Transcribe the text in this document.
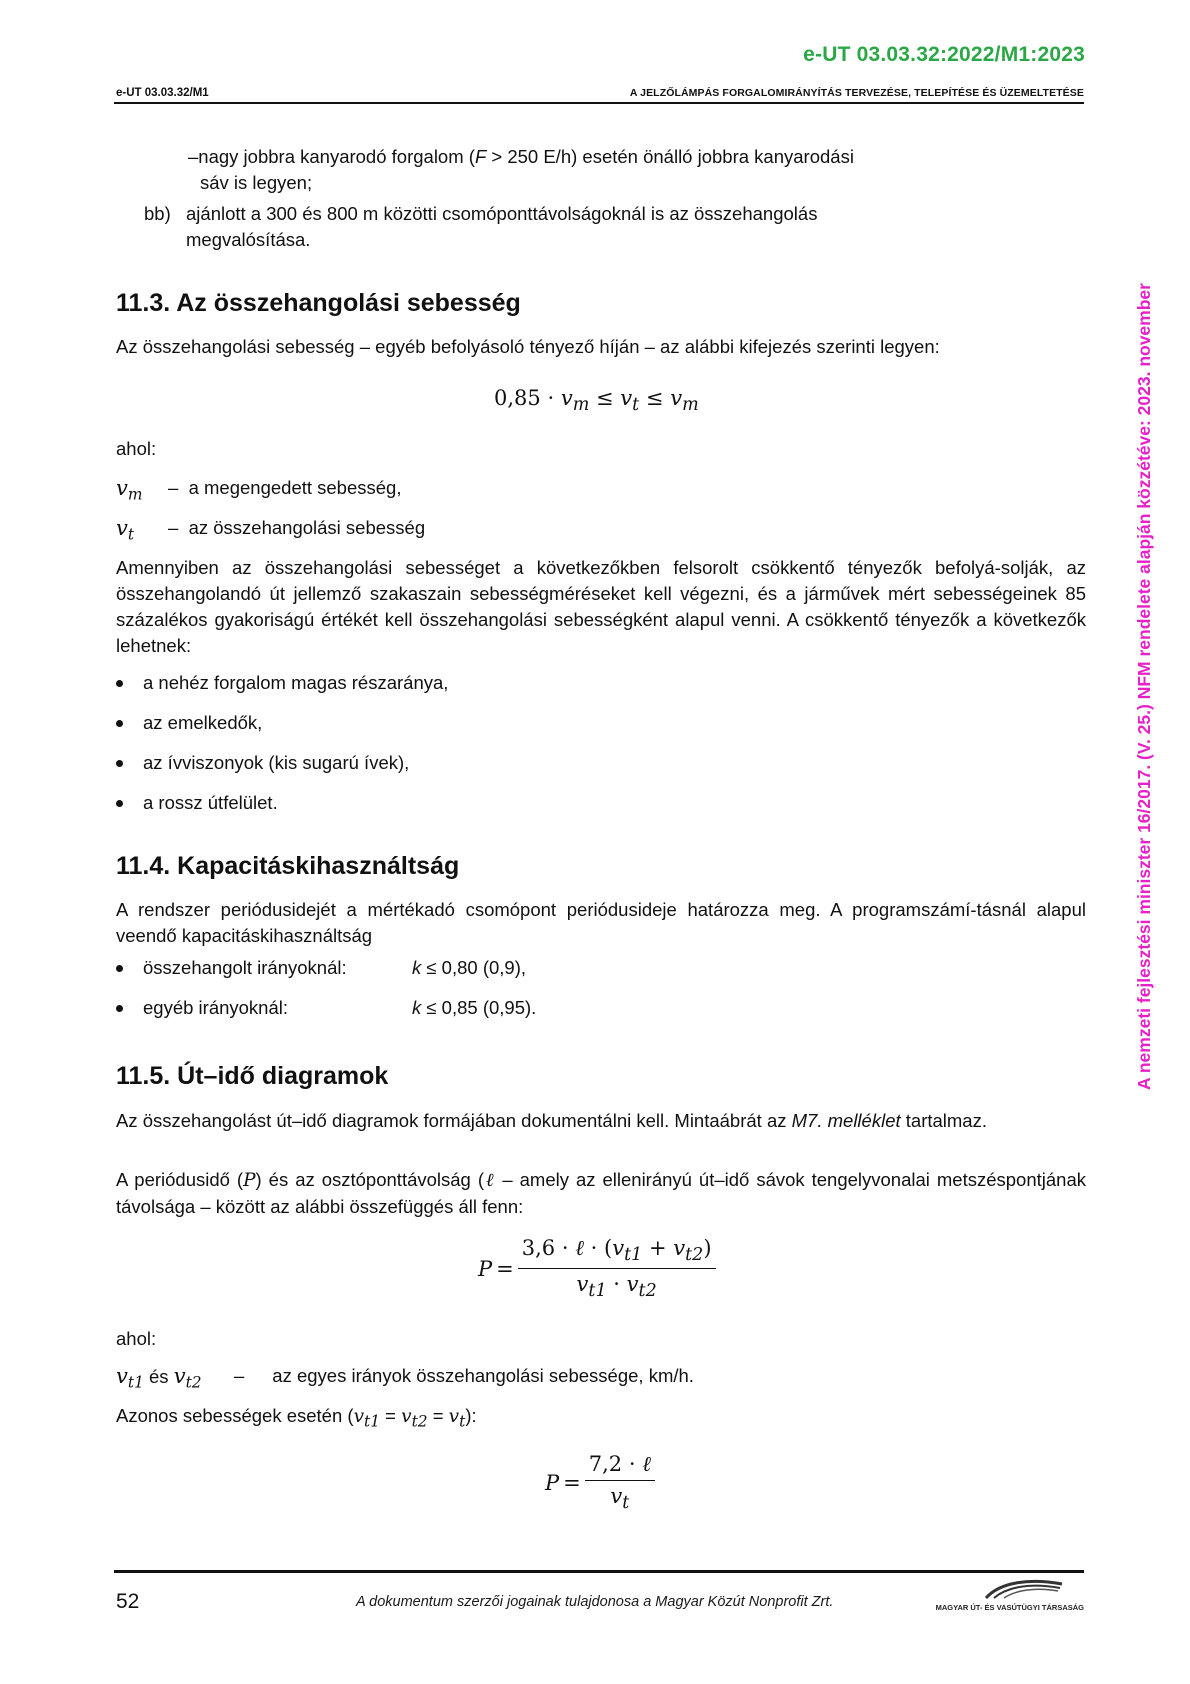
e-UT 03.03.32:2022/M1:2023
e-UT 03.03.32/M1	A JELZŐLÁMPÁS FORGALOMIRÁNYÍTÁS TERVEZÉSE, TELEPÍTÉSE ÉS ÜZEMELTETÉSE
A nemzeti fejlesztési miniszter 16/2017. (V. 25.) NFM rendelete alapján közzétéve: 2023. november
–nagy jobbra kanyarodó forgalom (F > 250 E/h) esetén önálló jobbra kanyarodási
sáv is legyen;
bb) ajánlott a 300 és 800 m közötti csomóponttávolságoknál is az összehangolás
megvalósítása.
11.3. Az összehangolási sebesség
Az összehangolási sebesség – egyéb befolyásoló tényező híján – az alábbi kifejezés szerinti legyen:
$0,85 \cdot v_m \le v_t \le v_m$
ahol:
$v_m$ – a megengedett sebesség,
$v_t$ – az összehangolási sebesség
Amennyiben az összehangolási sebességet a következőkben felsorolt csökkentő tényezők befolyá-solják, az összehangolandó út jellemző szakaszain sebességméréseket kell végezni, és a járművek mért sebességeinek 85 százalékos gyakoriságú értékét kell összehangolási sebességként alapul venni. A csökkentő tényezők a következők lehetnek:
a nehéz forgalom magas részaránya,
az emelkedők,
az ívviszonyok (kis sugarú ívek),
a rossz útfelület.
11.4. Kapacitáskihasználtság
A rendszer periódusidejét a mértékadó csomópont periódusideje határozza meg. A programszámí-tásnál alapul veendő kapacitáskihasználtság
összehangolt irányoknál:	k ≤ 0,80 (0,9),
egyéb irányoknál:	k ≤ 0,85 (0,95).
11.5. Út–idő diagramok
Az összehangolást út–idő diagramok formájában dokumentálni kell. Mintaábrát az M7. melléklet tartalmaz.
A periódusidő (P) és az osztóponttávolság (ℓ – amely az ellenirányú út–idő sávok tengelyvonalai metszéspontjának távolsága – között az alábbi összefüggés áll fenn:
$P = \frac{3,6 \cdot \ell \cdot (v_{t1} + v_{t2})}{v_{t1} \cdot v_{t2}}$
ahol:
$v_{t1}$ és $v_{t2}$ – az egyes irányok összehangolási sebessége, km/h.
Azonos sebességek esetén $(v_{t1} = v_{t2} = v_t)$:
$P = \frac{\text{7,2 · ℓ}}{v_t}$
52	A dokumentum szerzői jogainak tulajdonosa a Magyar Közút Nonprofit Zrt.	MAGYAR ÚT- ÉS VASÚTÜGYI TÁRSASÁG
